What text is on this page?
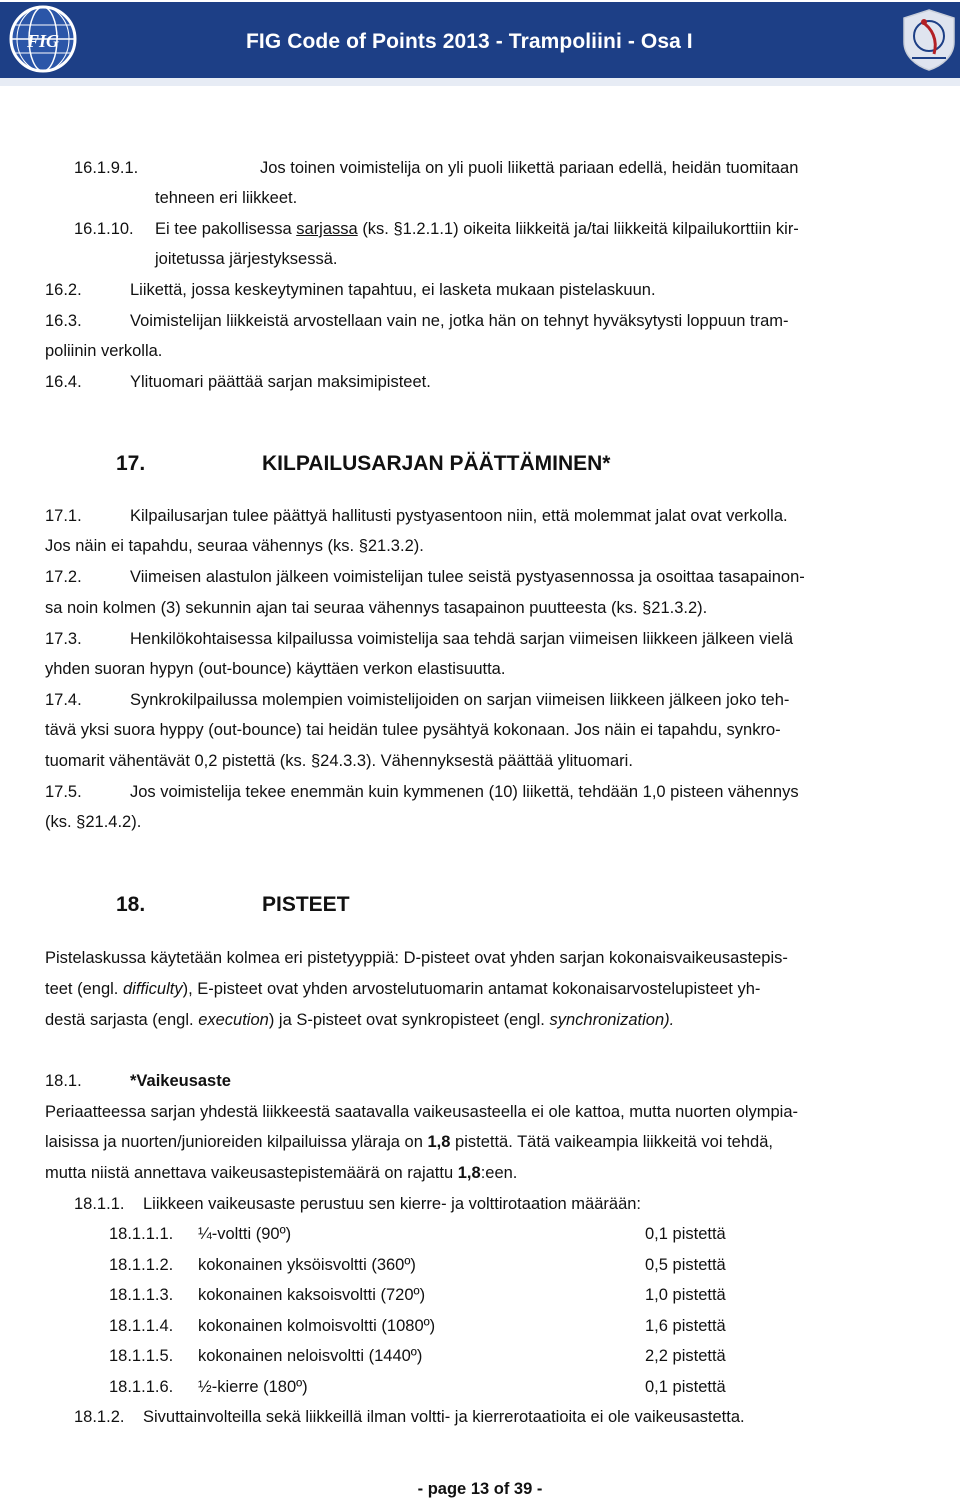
FIG	FIG Code of Points 2013 - Trampoliini - Osa I
16.1.9.1.	Jos toinen voimistelija on yli puoli liikettä pariaan edellä, heidän tuomitaan
tehneen eri liikkeet.
16.1.10. Ei tee pakollisessa sarjassa (ks. §1.2.1.1) oikeita liikkeitä ja/tai liikkeitä kilpailukorttiin kir-
joitetussa järjestyksessä.
16.2.	Liikettä, jossa keskeytyminen tapahtuu, ei lasketa mukaan pistelaskuun.
16.3.	Voimistelijan liikkeistä arvostellaan vain ne, jotka hän on tehnyt hyväksytysti loppuun tram-
poliinin verkolla.
16.4.	Ylituomari päättää sarjan maksimipisteet.
17.	KILPAILUSARJAN PÄÄTTÄMINEN*
17.1.	Kilpailusarjan tulee päättyä hallitusti pystyasentoon niin, että molemmat jalat ovat verkolla.
Jos näin ei tapahdu, seuraa vähennys (ks. §21.3.2).
17.2.	Viimeisen alastulon jälkeen voimistelijan tulee seistä pystyasennossa ja osoittaa tasapainon-
sa noin kolmen (3) sekunnin ajan tai seuraa vähennys tasapainon puutteesta (ks. §21.3.2).
17.3.	Henkilökohtaisessa kilpailussa voimistelija saa tehdä sarjan viimeisen liikkeen jälkeen vielä
yhden suoran hypyn (out-bounce) käyttäen verkon elastisuutta.
17.4.	Synkrokilpailussa molempien voimistelijoiden on sarjan viimeisen liikkeen jälkeen joko teh-
tävä yksi suora hyppy (out-bounce) tai heidän tulee pysähtyä kokonaan. Jos näin ei tapahdu, synkro-
tuomarit vähentävät 0,2 pistettä (ks. §24.3.3). Vähennyksestä päättää ylituomari.
17.5.	Jos voimistelija tekee enemmän kuin kymmenen (10) liikettä, tehdään 1,0 pisteen vähennys
(ks. §21.4.2).
18.	PISTEET
Pistelaskussa käytetään kolmea eri pistetyyppiä: D-pisteet ovat yhden sarjan kokonaisvaikeusastepis-
teet (engl. difficulty), E-pisteet ovat yhden arvostelutuomarin antamat kokonaisarvostelupisteet yh-
destä sarjasta (engl. execution) ja S-pisteet ovat synkropisteet (engl. synchronization).
18.1.	*Vaikeusaste
Periaatteessa sarjan yhdestä liikkeestä saatavalla vaikeusasteella ei ole kattoa, mutta nuorten olympia-
laisissa ja nuorten/junioreiden kilpailuissa yläraja on 1,8 pistettä. Tätä vaikeampia liikkeitä voi tehdä,
mutta niistä annettava vaikeusastepistemäärä on rajattu 1,8:een.
18.1.1. Liikkeen vaikeusaste perustuu sen kierre- ja volttirotaation määrään:
18.1.1.1. ¼-voltti (90º)	0,1 pistettä
18.1.1.2. kokonainen yksöisvoltti (360º)	0,5 pistettä
18.1.1.3. kokonainen kaksoisvoltti (720º)	1,0 pistettä
18.1.1.4. kokonainen kolmoisvoltti (1080º)	1,6 pistettä
18.1.1.5. kokonainen neloisvoltti (1440º)	2,2 pistettä
18.1.1.6. ½-kierre (180º)	0,1 pistettä
18.1.2. Sivuttainvolteilla sekä liikkeillä ilman voltti- ja kierrerotaatioita ei ole vaikeusastetta.
- page 13 of 39 -
